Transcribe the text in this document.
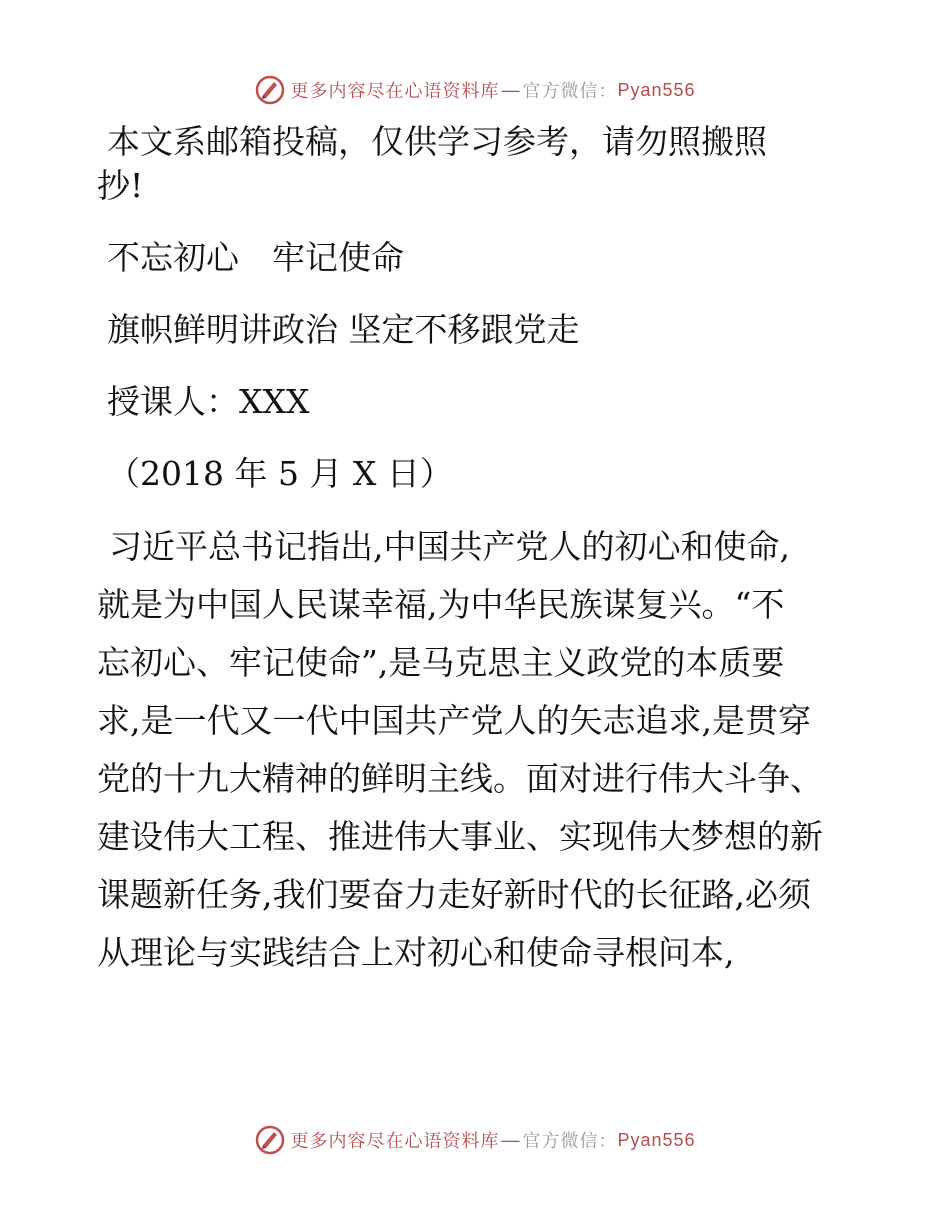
更多内容尽在心语资料库 — 官方微信： Pyan556
本文系邮箱投稿，仅供学习参考，请勿照搬照
抄!
不忘初心　牢记使命
旗帜鲜明讲政治 坚定不移跟党走
授课人：XXX
（2018 年 5 月 X 日）
习近平总书记指出,中国共产党人的初心和使命,
就是为中国人民谋幸福,为中华民族谋复兴。“不
忘初心、牢记使命”,是马克思主义政党的本质要
求,是一代又一代中国共产党人的矢志追求,是贯穿
党的十九大精神的鲜明主线。面对进行伟大斗争、
建设伟大工程、推进伟大事业、实现伟大梦想的新
课题新任务,我们要奋力走好新时代的长征路,必须
从理论与实践结合上对初心和使命寻根问本,
更多内容尽在心语资料库 — 官方微信： Pyan556
